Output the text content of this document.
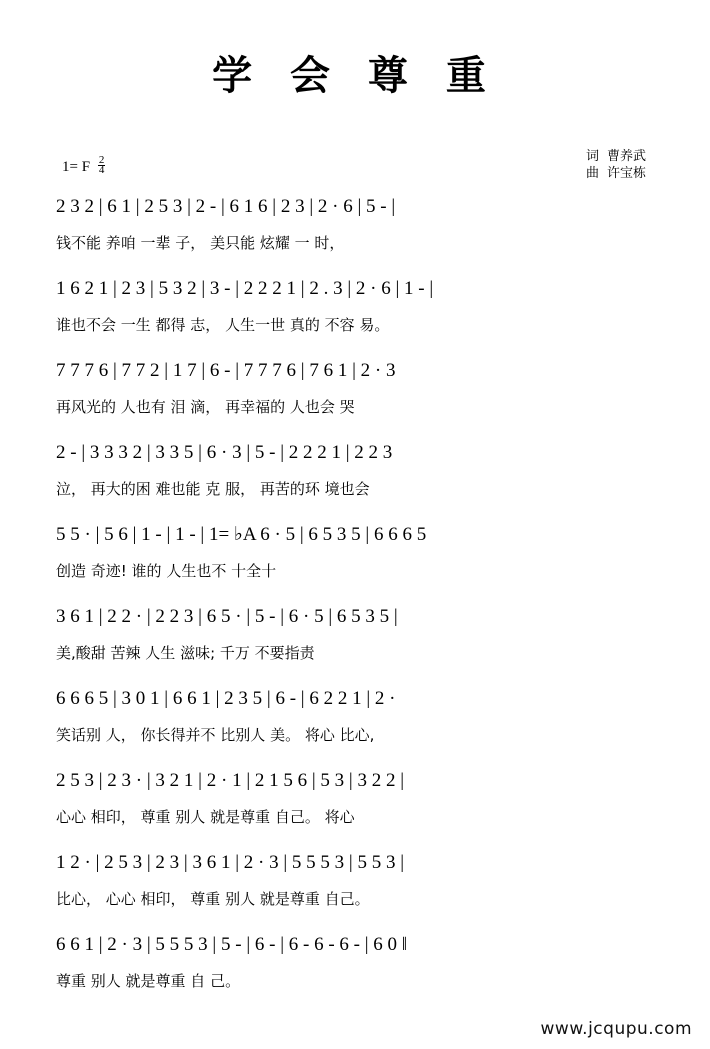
学 会 尊 重
词 曹养武
曲 许宝栋
1= F $\frac{2}{4}$
2 3 2 | 6 1 | 2 5 3 | 2 - | 6 1 6 | 2 3 | 2 · 6 | 5 - |
钱不能 养咱 一辈 子， 美只能 炫耀 一 时，
1 6 2 1 | 2 3 | 5 3 2 | 3 - | 2 2 2 1 | 2 . 3 | 2 · 6 | 1 - |
谁也不会 一生 都得 志， 人生一世 真的 不容 易。
7 7 7 6 | 7 7 2 | 1 7 | 6 - | 7 7 7 6 | 7 6 1 | 2 · 3
再风光的 人也有 泪 滴， 再幸福的 人也会 哭
2 - | 3 3 3 2 | 3 3 5 | 6 · 3 | 5 - | 2 2 2 1 | 2 2 3
泣， 再大的困 难也能 克 服， 再苦的环 境也会
5 5 · | 5 6 | 1 - | 1 - | 1= ♭A 6 · 5 | 6 5 3 5 | 6 6 6 5
创造 奇迹! 谁的 人生也不 十全十
3 6 1 | 2 2 · | 2 2 3 | 6 5 · | 5 - | 6 · 5 | 6 5 3 5 |
美,酸甜 苦辣 人生 滋味; 千万 不要指责
6 6 6 5 | 3 0 1 | 6 6 1 | 2 3 5 | 6 - | 6 2 2 1 | 2 ·
笑话别 人， 你长得并不 比别人 美。 将心 比心,
2 5 3 | 2 3 · | 3 2 1 | 2 · 1 | 2 1 5 6 | 5 3 | 3 2 2 |
心心 相印， 尊重 别人 就是尊重 自己。 将心
1 2 · | 2 5 3 | 2 3 | 3 6 1 | 2 · 3 | 5 5 5 3 | 5 5 3 |
比心， 心心 相印， 尊重 别人 就是尊重 自己。
6 6 1 | 2 · 3 | 5 5 5 3 | 5 - | 6 - | 6 - 6 - 6 - | 6 0 ‖
尊重 别人 就是尊重 自 己。
www.jcqupu.com
